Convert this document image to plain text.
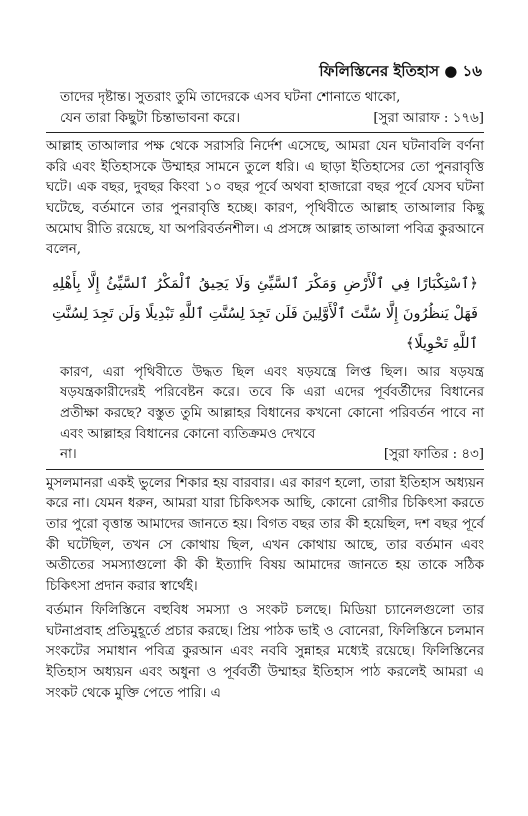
ফিলিস্তিনের ইতিহাস ● ১৬
তাদের দৃষ্টান্ত। সুতরাং তুমি তাদেরকে এসব ঘটনা শোনাতে থাকো,
যেন তারা কিছুটা চিন্তাভাবনা করে।	[সুরা আরাফ : ১৭৬]

আল্লাহ তাআলার পক্ষ থেকে সরাসরি নির্দেশ এসেছে, আমরা যেন ঘটনাবলি বর্ণনা করি এবং ইতিহাসকে উম্মাহর সামনে তুলে ধরি। এ ছাড়া ইতিহাসের তো পুনরাবৃত্তি ঘটে। এক বছর, দুবছর কিংবা ১০ বছর পূর্বে অথবা হাজারো বছর পূর্বে যেসব ঘটনা ঘটেছে, বর্তমানে তার পুনরাবৃত্তি হচ্ছে। কারণ, পৃথিবীতে আল্লাহ তাআলার কিছু অমোঘ রীতি রয়েছে, যা অপরিবর্তনশীল। এ প্রসঙ্গে আল্লাহ তাআলা পবিত্র কুরআনে বলেন,

﴿ٱسْتِكْبَارًا فِي ٱلْأَرْضِ وَمَكْرَ ٱلسَّيِّئِ وَلَا يَحِيقُ ٱلْمَكْرُ ٱلسَّيِّئُ إِلَّا بِأَهْلِهِ فَهَلْ يَنظُرُونَ إِلَّا سُنَّتَ ٱلْأَوَّلِينَ فَلَن تَجِدَ لِسُنَّتِ ٱللَّهِ تَبْدِيلًا وَلَن تَجِدَ لِسُنَّتِ ٱللَّهِ تَحْوِيلًا﴾
কারণ, এরা পৃথিবীতে উদ্ধত ছিল এবং ষড়যন্ত্রে লিপ্ত ছিল। আর ষড়যন্ত্র ষড়যন্ত্রকারীদেরই পরিবেষ্টন করে। তবে কি এরা এদের পূর্ববর্তীদের বিধানের প্রতীক্ষা করছে? বস্তুত তুমি আল্লাহর বিধানের কখনো কোনো পরিবর্তন পাবে না এবং আল্লাহর বিধানের কোনো ব্যতিক্রমও দেখবে
না।	[সুরা ফাতির : ৪৩]

মুসলমানরা একই ভুলের শিকার হয় বারবার। এর কারণ হলো, তারা ইতিহাস অধ্যয়ন করে না। যেমন ধরুন, আমরা যারা চিকিৎসক আছি, কোনো রোগীর চিকিৎসা করতে তার পুরো বৃত্তান্ত আমাদের জানতে হয়। বিগত বছর তার কী হয়েছিল, দশ বছর পূর্বে কী ঘটেছিল, তখন সে কোথায় ছিল, এখন কোথায় আছে, তার বর্তমান এবং অতীতের সমস্যাগুলো কী কী ইত্যাদি বিষয় আমাদের জানতে হয় তাকে সঠিক চিকিৎসা প্রদান করার স্বার্থেই।

বর্তমান ফিলিস্তিনে বহুবিধ সমস্যা ও সংকট চলছে। মিডিয়া চ্যানেলগুলো তার ঘটনাপ্রবাহ প্রতিমুহূর্তে প্রচার করছে। প্রিয় পাঠক ভাই ও বোনেরা, ফিলিস্তিনে চলমান সংকটের সমাধান পবিত্র কুরআন এবং নববি সুন্নাহর মধ্যেই রয়েছে। ফিলিস্তিনের ইতিহাস অধ্যয়ন এবং অধুনা ও পূর্ববর্তী উম্মাহর ইতিহাস পাঠ করলেই আমরা এ সংকট থেকে মুক্তি পেতে পারি। এ
